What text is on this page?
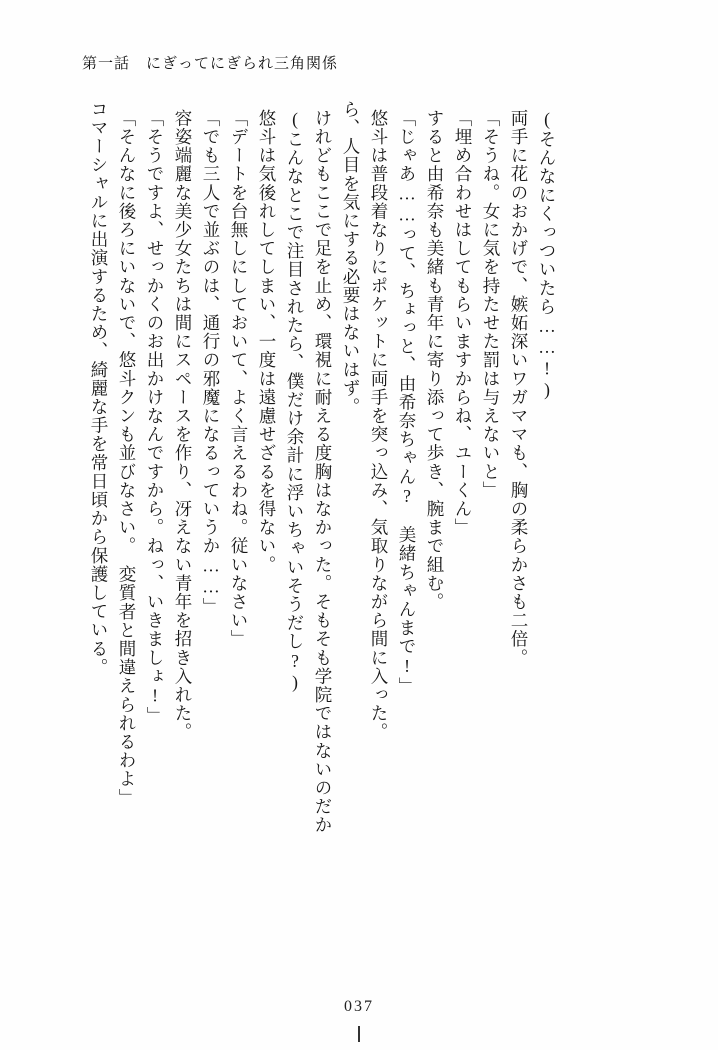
第一話 にぎってにぎられ三角関係
コマーシャルに出演するため、綺麗な手を常日頃から保護している。 「そんなに後ろにいないで、悠斗クンも並びなさい。　変質者と間違えられるわよ」 「そうですよ、せっかくのお出かけなんですから。ねっ、いきましょ!」 容姿端麗な美少女たちは間にスペースを作り、冴えない青年を招き入れた。 「でも三人で並ぶのは、通行の邪魔になるっていうか……」 「デートを台無しにしておいて、よく言えるわね。従いなさい」 悠斗は気後れしてしまい、一度は遠慮せざるを得ない。 (こんなとこで注目されたら、僕だけ余計に浮いちゃいそうだし?) けれどもここで足を止め、環視に耐える度胸はなかった。そもそも学院ではないのだか ら、人目を気にする必要はないはず。 悠斗は普段着なりにポケットに両手を突っ込み、気取りながら間に入った。 「じゃあ……って、ちょっと、由希奈ちゃん?　美緒ちゃんまで!」 すると由希奈も美緒も青年に寄り添って歩き、腕まで組む。 「埋め合わせはしてもらいますからね、ユーくん」 「そうね。女に気を持たせた罰は与えないと」 両手に花のおかげで、嫉妬深いワガママも、胸の柔らかさも二倍。 (そんなにくっついたら……!)
037
